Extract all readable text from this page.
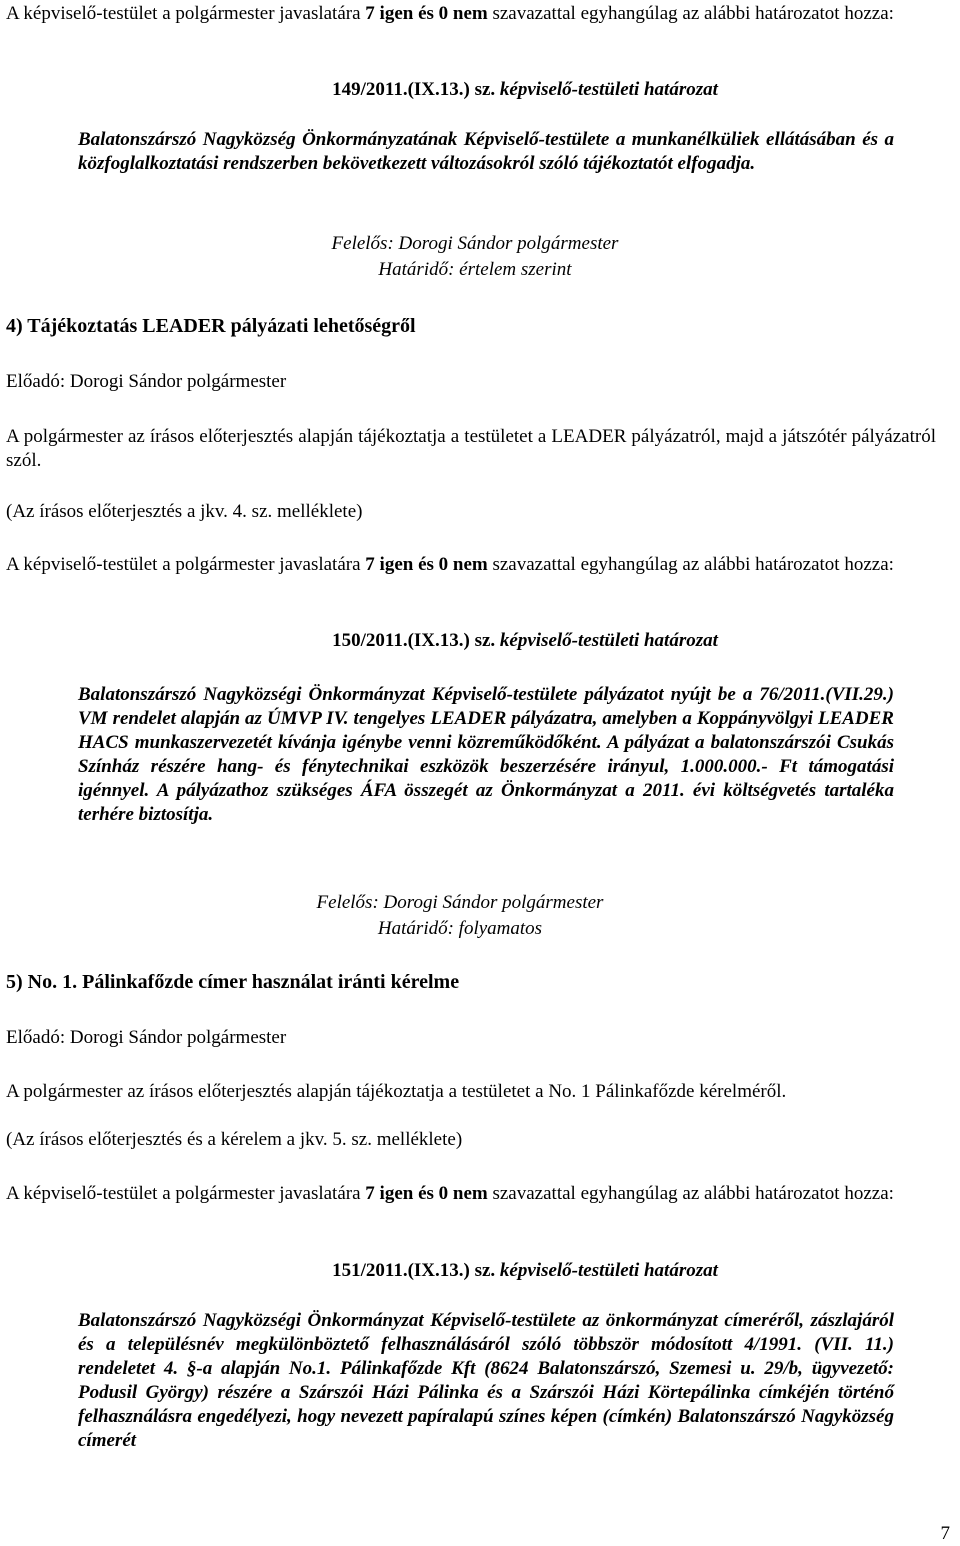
A képviselő-testület a polgármester javaslatára 7 igen és 0 nem szavazattal egyhangúlag az alábbi határozatot hozza:

149/2011.(IX.13.) sz. képviselő-testületi határozat

Balatonszárszó Nagyközség Önkormányzatának Képviselő-testülete a munkanélküliek ellátásában és a közfoglalkoztatási rendszerben bekövetkezett változásokról szóló tájékoztatót elfogadja.

Felelős: Dorogi Sándor polgármester

Határidő: értelem szerint

4) Tájékoztatás LEADER pályázati lehetőségről

Előadó: Dorogi Sándor polgármester

A polgármester az írásos előterjesztés alapján tájékoztatja a testületet a LEADER pályázatról, majd a játszótér pályázatról szól.

(Az írásos előterjesztés a jkv. 4. sz. melléklete)

A képviselő-testület a polgármester javaslatára 7 igen és 0 nem szavazattal egyhangúlag az alábbi határozatot hozza:

150/2011.(IX.13.) sz. képviselő-testületi határozat

Balatonszárszó Nagyközségi Önkormányzat Képviselő-testülete pályázatot nyújt be a 76/2011.(VII.29.) VM rendelet alapján az ÚMVP IV. tengelyes LEADER pályázatra, amelyben a Koppányvölgyi LEADER HACS munkaszervezetét kívánja igénybe venni közreműködőként. A pályázat a balatonszárszói Csukás Színház részére hang- és fénytechnikai eszközök beszerzésére irányul, 1.000.000.- Ft támogatási igénnyel. A pályázathoz szükséges ÁFA összegét az Önkormányzat a 2011. évi költségvetés tartaléka terhére biztosítja.

Felelős: Dorogi Sándor polgármester

Határidő: folyamatos

5) No. 1. Pálinkafőzde címer használat iránti kérelme

Előadó: Dorogi Sándor polgármester

A polgármester az írásos előterjesztés alapján tájékoztatja a testületet a No. 1 Pálinkafőzde kérelméről.

(Az írásos előterjesztés és a kérelem a jkv. 5. sz. melléklete)

A képviselő-testület a polgármester javaslatára 7 igen és 0 nem szavazattal egyhangúlag az alábbi határozatot hozza:

151/2011.(IX.13.) sz. képviselő-testületi határozat

Balatonszárszó Nagyközségi Önkormányzat Képviselő-testülete az önkormányzat címeréről, zászlajáról és a településnév megkülönböztető felhasználásáról szóló többször módosított 4/1991. (VII. 11.) rendeletet 4. §-a alapján No.1. Pálinkafőzde Kft (8624 Balatonszárszó, Szemesi u. 29/b, ügyvezető: Podusil György) részére a Szárszói Házi Pálinka és a Szárszói Házi Körtepálinka címkéjén történő felhasználásra engedélyezi, hogy nevezett papíralapú színes képen (címkén) Balatonszárszó Nagyközség címerét

7
